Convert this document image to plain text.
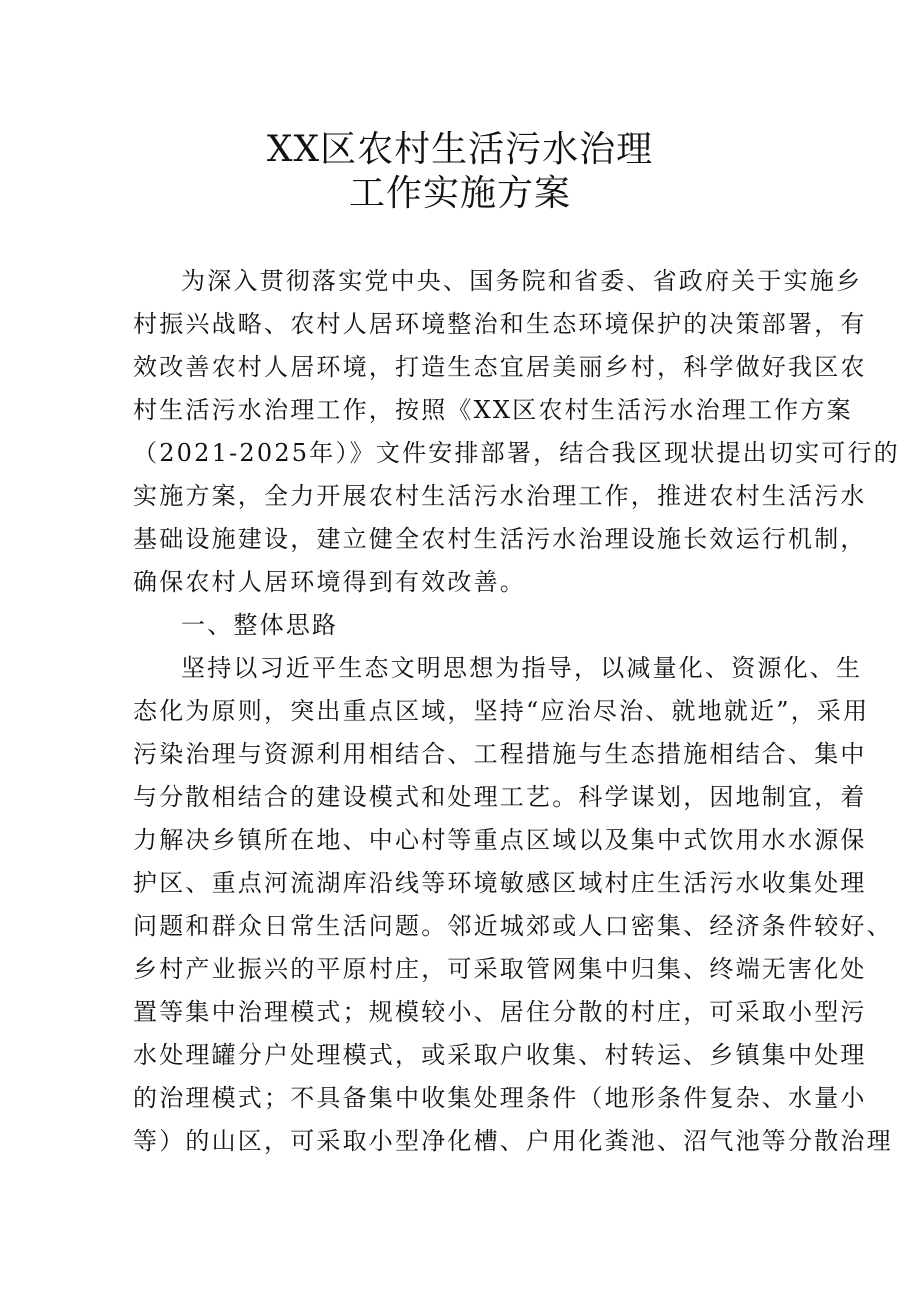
XX区农村生活污水治理
工作实施方案
为深入贯彻落实党中央、国务院和省委、省政府关于实施乡
村振兴战略、农村人居环境整治和生态环境保护的决策部署，有
效改善农村人居环境，打造生态宜居美丽乡村，科学做好我区农
村生活污水治理工作，按照《XX区农村生活污水治理工作方案
（2021-2025年）》文件安排部署，结合我区现状提出切实可行的
实施方案，全力开展农村生活污水治理工作，推进农村生活污水
基础设施建设，建立健全农村生活污水治理设施长效运行机制，
确保农村人居环境得到有效改善。
一、整体思路
坚持以习近平生态文明思想为指导，以减量化、资源化、生
态化为原则，突出重点区域，坚持“应治尽治、就地就近”，采用
污染治理与资源利用相结合、工程措施与生态措施相结合、集中
与分散相结合的建设模式和处理工艺。科学谋划，因地制宜，着
力解决乡镇所在地、中心村等重点区域以及集中式饮用水水源保
护区、重点河流湖库沿线等环境敏感区域村庄生活污水收集处理
问题和群众日常生活问题。邻近城郊或人口密集、经济条件较好、
乡村产业振兴的平原村庄，可采取管网集中归集、终端无害化处
置等集中治理模式；规模较小、居住分散的村庄，可采取小型污
水处理罐分户处理模式，或采取户收集、村转运、乡镇集中处理
的治理模式；不具备集中收集处理条件（地形条件复杂、水量小
等）的山区，可采取小型净化槽、户用化粪池、沼气池等分散治理
